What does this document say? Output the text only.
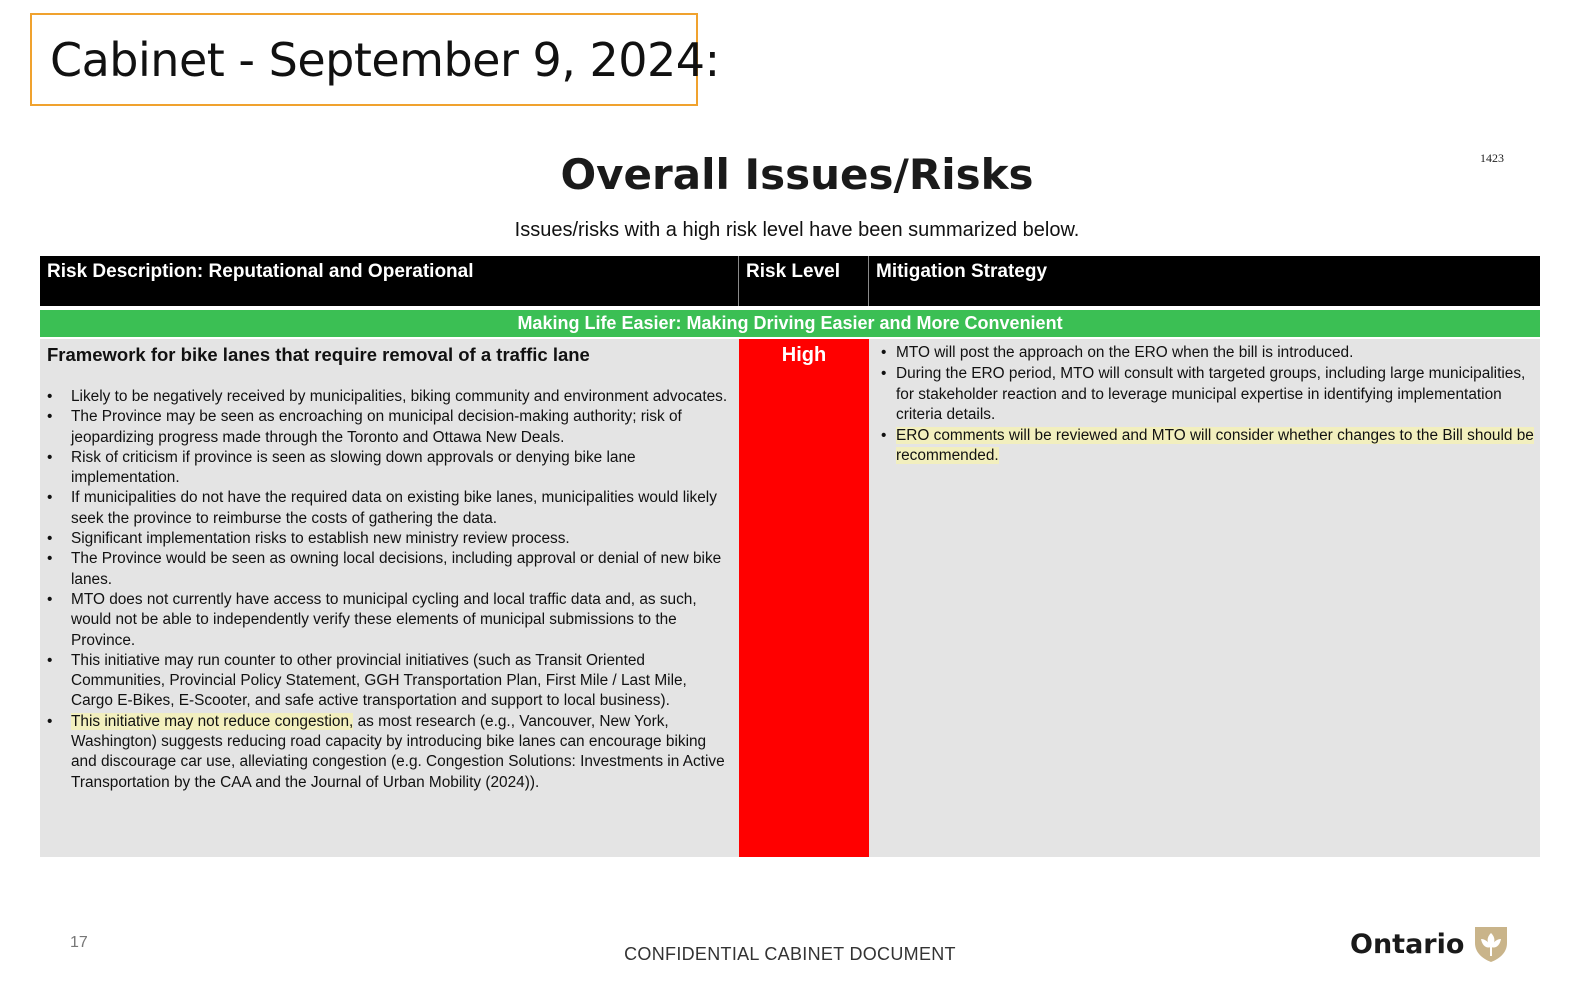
Cabinet - September 9, 2024:
Overall Issues/Risks
Issues/risks with a high risk level have been summarized below.
1423
Risk Description: Reputational and Operational	Risk Level	Mitigation Strategy
Making Life Easier: Making Driving Easier and More Convenient
Framework for bike lanes that require removal of a traffic lane
• Likely to be negatively received by municipalities, biking community and environment advocates.
• The Province may be seen as encroaching on municipal decision-making authority; risk of jeopardizing progress made through the Toronto and Ottawa New Deals.
• Risk of criticism if province is seen as slowing down approvals or denying bike lane implementation.
• If municipalities do not have the required data on existing bike lanes, municipalities would likely seek the province to reimburse the costs of gathering the data.
• Significant implementation risks to establish new ministry review process.
• The Province would be seen as owning local decisions, including approval or denial of new bike lanes.
• MTO does not currently have access to municipal cycling and local traffic data and, as such, would not be able to independently verify these elements of municipal submissions to the Province.
• This initiative may run counter to other provincial initiatives (such as Transit Oriented Communities, Provincial Policy Statement, GGH Transportation Plan, First Mile / Last Mile, Cargo E-Bikes, E-Scooter, and safe active transportation and support to local business).
• This initiative may not reduce congestion, as most research (e.g., Vancouver, New York, Washington) suggests reducing road capacity by introducing bike lanes can encourage biking and discourage car use, alleviating congestion (e.g. Congestion Solutions: Investments in Active Transportation by the CAA and the Journal of Urban Mobility (2024)).
High	• MTO will post the approach on the ERO when the bill is introduced.
• During the ERO period, MTO will consult with targeted groups, including large municipalities, for stakeholder reaction and to leverage municipal expertise in identifying implementation criteria details.
• ERO comments will be reviewed and MTO will consider whether changes to the Bill should be recommended.
17
CONFIDENTIAL CABINET DOCUMENT	Ontario
